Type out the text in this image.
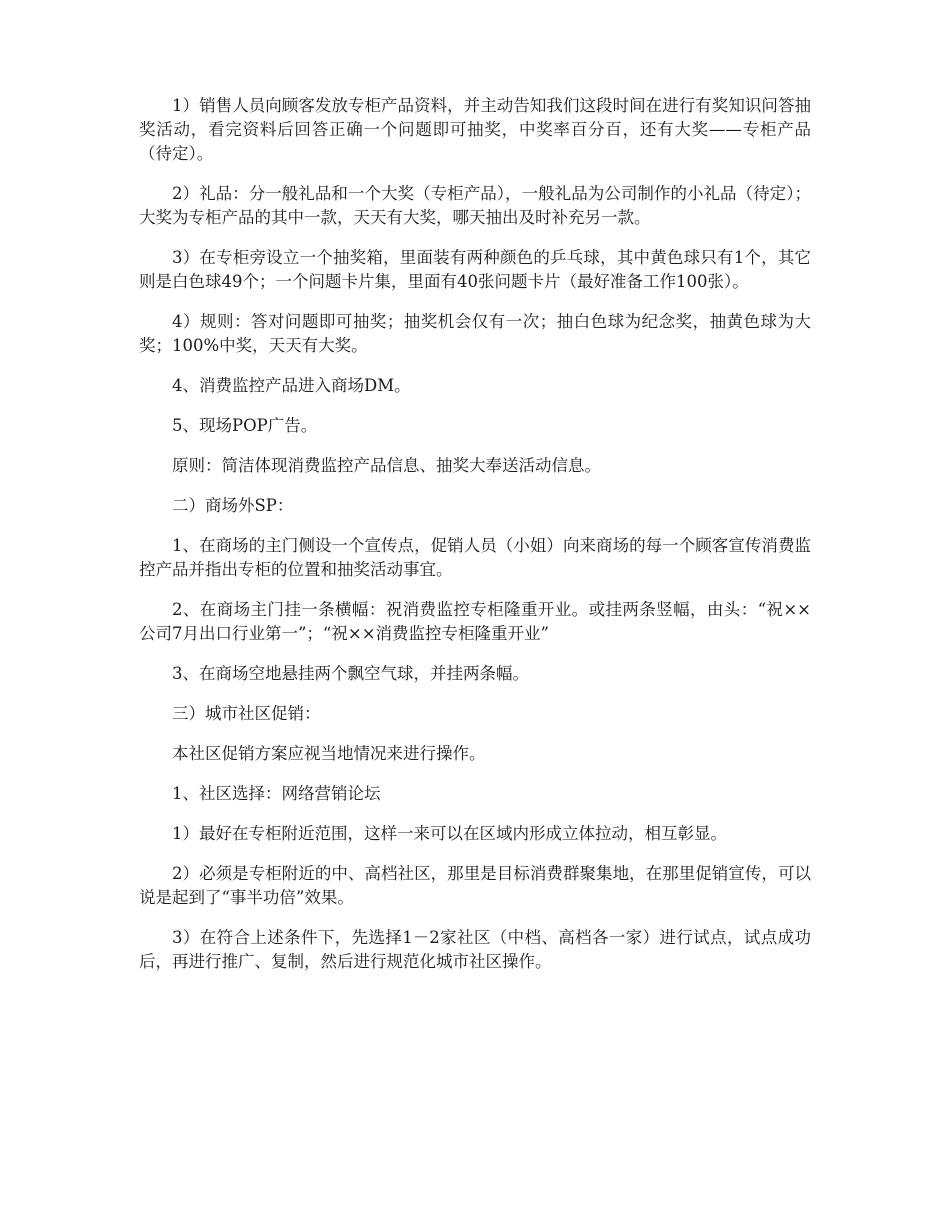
1）销售人员向顾客发放专柜产品资料，并主动告知我们这段时间在进行有奖知识问答抽奖活动，看完资料后回答正确一个问题即可抽奖，中奖率百分百，还有大奖——专柜产品（待定）。

2）礼品：分一般礼品和一个大奖（专柜产品），一般礼品为公司制作的小礼品（待定）；大奖为专柜产品的其中一款，天天有大奖，哪天抽出及时补充另一款。

3）在专柜旁设立一个抽奖箱，里面装有两种颜色的乒乓球，其中黄色球只有1个，其它则是白色球49个；一个问题卡片集，里面有40张问题卡片（最好准备工作100张）。

4）规则：答对问题即可抽奖；抽奖机会仅有一次；抽白色球为纪念奖，抽黄色球为大奖；100%中奖，天天有大奖。

4、消费监控产品进入商场DM。

5、现场POP广告。

原则：简洁体现消费监控产品信息、抽奖大奉送活动信息。

二）商场外SP：

1、在商场的主门侧设一个宣传点，促销人员（小姐）向来商场的每一个顾客宣传消费监控产品并指出专柜的位置和抽奖活动事宜。

2、在商场主门挂一条横幅：祝消费监控专柜隆重开业。或挂两条竖幅，由头：“祝××公司7月出口行业第一”；“祝××消费监控专柜隆重开业”

3、在商场空地悬挂两个飘空气球，并挂两条幅。

三）城市社区促销：

本社区促销方案应视当地情况来进行操作。

1、社区选择：网络营销论坛

1）最好在专柜附近范围，这样一来可以在区域内形成立体拉动，相互彰显。

2）必须是专柜附近的中、高档社区，那里是目标消费群聚集地，在那里促销宣传，可以说是起到了“事半功倍”效果。

3）在符合上述条件下，先选择1－2家社区（中档、高档各一家）进行试点，试点成功后，再进行推广、复制，然后进行规范化城市社区操作。
